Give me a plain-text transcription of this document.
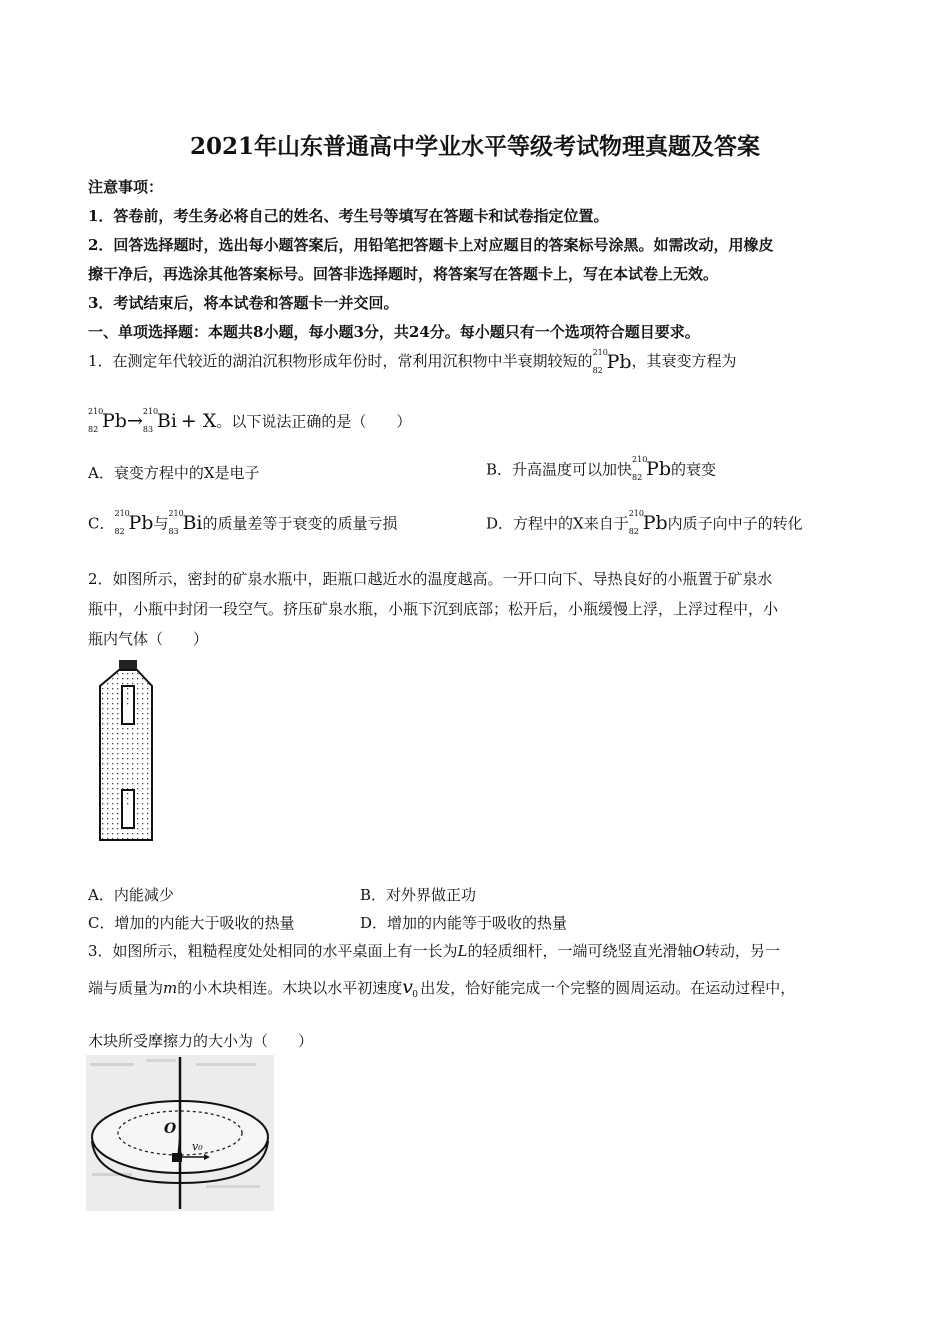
2021年山东普通高中学业水平等级考试物理真题及答案
注意事项：
1．答卷前，考生务必将自己的姓名、考生号等填写在答题卡和试卷指定位置。
2．回答选择题时，选出每小题答案后，用铅笔把答题卡上对应题目的答案标号涂黑。如需改动，用橡皮
擦干净后，再选涂其他答案标号。回答非选择题时，将答案写在答题卡上，写在本试卷上无效。
3．考试结束后，将本试卷和答题卡一并交回。
一、单项选择题：本题共8小题，每小题3分，共24分。每小题只有一个选项符合题目要求。
1．在测定年代较近的湖泊沉积物形成年份时，常利用沉积物中半衰期较短的 210
82 Pb，其衰变方程为
210
82 Pb→ 210
83 Bi + X。以下说法正确的是（　　）
A．衰变方程中的X是电子	B．升高温度可以加快
210
82 Pb的衰变
C．
210
82 Pb与
210
83 Bi的质量差等于衰变的质量亏损	D．方程中的X来自于
210
82 Pb内质子向中子的转化
2．如图所示，密封的矿泉水瓶中，距瓶口越近水的温度越高。一开口向下、导热良好的小瓶置于矿泉水
瓶中，小瓶中封闭一段空气。挤压矿泉水瓶，小瓶下沉到底部；松开后，小瓶缓慢上浮，上浮过程中，小
瓶内气体（　　）
A．内能减少	B．对外界做正功
C．增加的内能大于吸收的热量	D．增加的内能等于吸收的热量
3．如图所示，粗糙程度处处相同的水平桌面上有一长为L的轻质细杆，一端可绕竖直光滑轴O转动，另一
端与质量为m的小木块相连。木块以水平初速度v 0 出发，恰好能完成一个完整的圆周运动。在运动过程中，
木块所受摩擦力的大小为（　　）
O
v₀
